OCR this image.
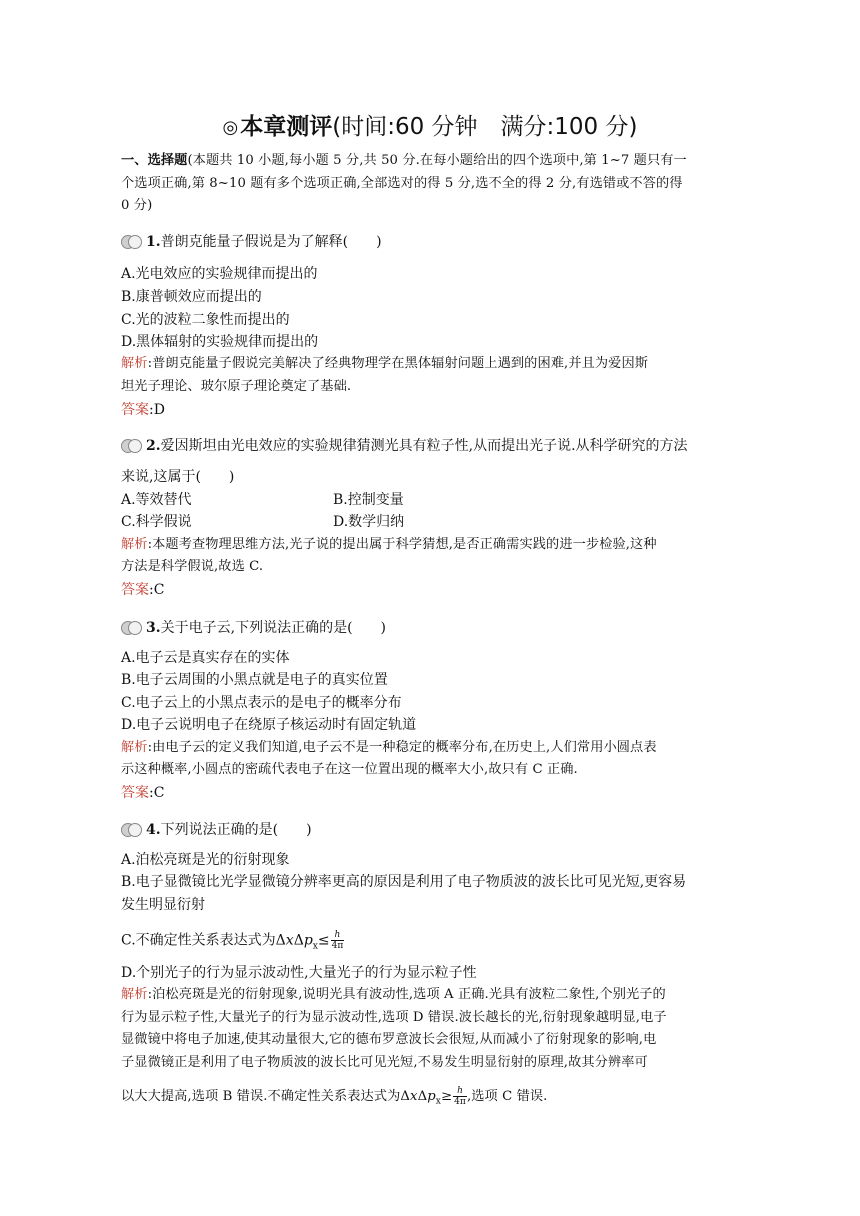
◎本章测评(时间:60 分钟　满分:100 分)
一、选择题(本题共 10 小题,每小题 5 分,共 50 分.在每小题给出的四个选项中,第 1~7 题只有一
个选项正确,第 8~10 题有多个选项正确,全部选对的得 5 分,选不全的得 2 分,有选错或不答的得
0 分)
1.普朗克能量子假说是为了解释(　　)
A.光电效应的实验规律而提出的
B.康普顿效应而提出的
C.光的波粒二象性而提出的
D.黑体辐射的实验规律而提出的
解析:普朗克能量子假说完美解决了经典物理学在黑体辐射问题上遇到的困难,并且为爱因斯
坦光子理论、玻尔原子理论奠定了基础.
答案:D
2.爱因斯坦由光电效应的实验规律猜测光具有粒子性,从而提出光子说.从科学研究的方法
来说,这属于(　　)
A.等效替代	B.控制变量
C.科学假说	D.数学归纳
解析:本题考查物理思维方法,光子说的提出属于科学猜想,是否正确需实践的进一步检验,这种
方法是科学假说,故选 C.
答案:C
3.关于电子云,下列说法正确的是(　　)
A.电子云是真实存在的实体
B.电子云周围的小黑点就是电子的真实位置
C.电子云上的小黑点表示的是电子的概率分布
D.电子云说明电子在绕原子核运动时有固定轨道
解析:由电子云的定义我们知道,电子云不是一种稳定的概率分布,在历史上,人们常用小圆点表
示这种概率,小圆点的密疏代表电子在这一位置出现的概率大小,故只有 C 正确.
答案:C
4.下列说法正确的是(　　)
A.泊松亮斑是光的衍射现象
B.电子显微镜比光学显微镜分辨率更高的原因是利用了电子物质波的波长比可见光短,更容易
发生明显衍射
C.不确定性关系表达式为$\Delta x\Delta p_x\le \frac{h}{4\pi}$
D.个别光子的行为显示波动性,大量光子的行为显示粒子性
解析:泊松亮斑是光的衍射现象,说明光具有波动性,选项 A 正确.光具有波粒二象性,个别光子的
行为显示粒子性,大量光子的行为显示波动性,选项 D 错误.波长越长的光,衍射现象越明显,电子
显微镜中将电子加速,使其动量很大,它的德布罗意波长会很短,从而减小了衍射现象的影响,电
子显微镜正是利用了电子物质波的波长比可见光短,不易发生明显衍射的原理,故其分辨率可
以大大提高,选项 B 错误.不确定性关系表达式为$\Delta x\Delta p_x\ge \frac{h}{4\pi}$ ,选项 C 错误.
